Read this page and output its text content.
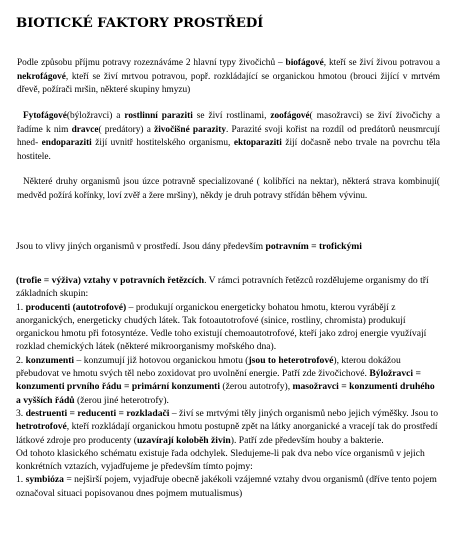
BIOTICKÉ FAKTORY PROSTŘEDÍ

Podle způsobu příjmu potravy rozeznáváme 2 hlavní typy živočichů – biofágové, kteří se živí živou potravou a nekrofágové, kteří se živí mrtvou potravou, popř. rozkládající se organickou hmotou (brouci žijící v mrtvém dřevě, požírači mršin, některé skupiny hmyzu)

Fytofágové(býložravci) a rostlinní paraziti se živí rostlinami, zoofágové( masožravci) se živí živočichy a řadíme k nim dravce( predátory) a živočišné parazity. Parazité svoji kořist na rozdíl od predátorů neusmrcují hned- endoparaziti žijí uvnitř hostitelského organismu, ektoparaziti žijí dočasně nebo trvale na povrchu těla hostitele.

Některé druhy organismů jsou úzce potravně specializované ( kolibříci na nektar), některá strava kombinují( medvěd požírá kořínky, loví zvěř a žere mršiny), někdy je druh potravy střídán během vývinu.

Jsou to vlivy jiných organismů v prostředí. Jsou dány především potravním = trofickými

(trofie = výživa) vztahy v potravních řetězcích. V rámci potravních řetězců rozdělujeme organismy do tří základních skupin:
1. producenti (autotrofové) – produkují organickou energeticky bohatou hmotu, kterou vyrábějí z anorganických, energeticky chudých látek. Tak fotoautotrofové (sinice, rostliny, chromista) produkují organickou hmotu při fotosyntéze. Vedle toho existují chemoautotrofové, kteří jako zdroj energie využívají rozklad chemických látek (některé mikroorganismy mořského dna).
2. konzumenti – konzumují již hotovou organickou hmotu (jsou to heterotrofové), kterou dokážou přebudovat ve hmotu svých těl nebo zoxidovat pro uvolnění energie. Patří zde živočichové. Býložravci = konzumenti prvního řádu = primární konzumenti (žerou autotrofy), masožravci = konzumenti druhého a vyšších řádů (žerou jiné heterotrofy).
3. destruenti = reducenti = rozkladači – živí se mrtvými těly jiných organismů nebo jejich výměšky. Jsou to hetrotrofové, kteří rozkládají organickou hmotu postupně zpět na látky anorganické a vracejí tak do prostředí látkové zdroje pro producenty (uzavírají koloběh živin). Patří zde především houby a bakterie.
Od tohoto klasického schématu existuje řada odchylek. Sledujeme-li pak dva nebo více organismů v jejich konkrétních vztazích, vyjadřujeme je především tímto pojmy:
1. symbióza = nejširší pojem, vyjadřuje obecně jakékoli vzájemné vztahy dvou organismů (dříve tento pojem označoval situaci popisovanou dnes pojmem mutualismus)
